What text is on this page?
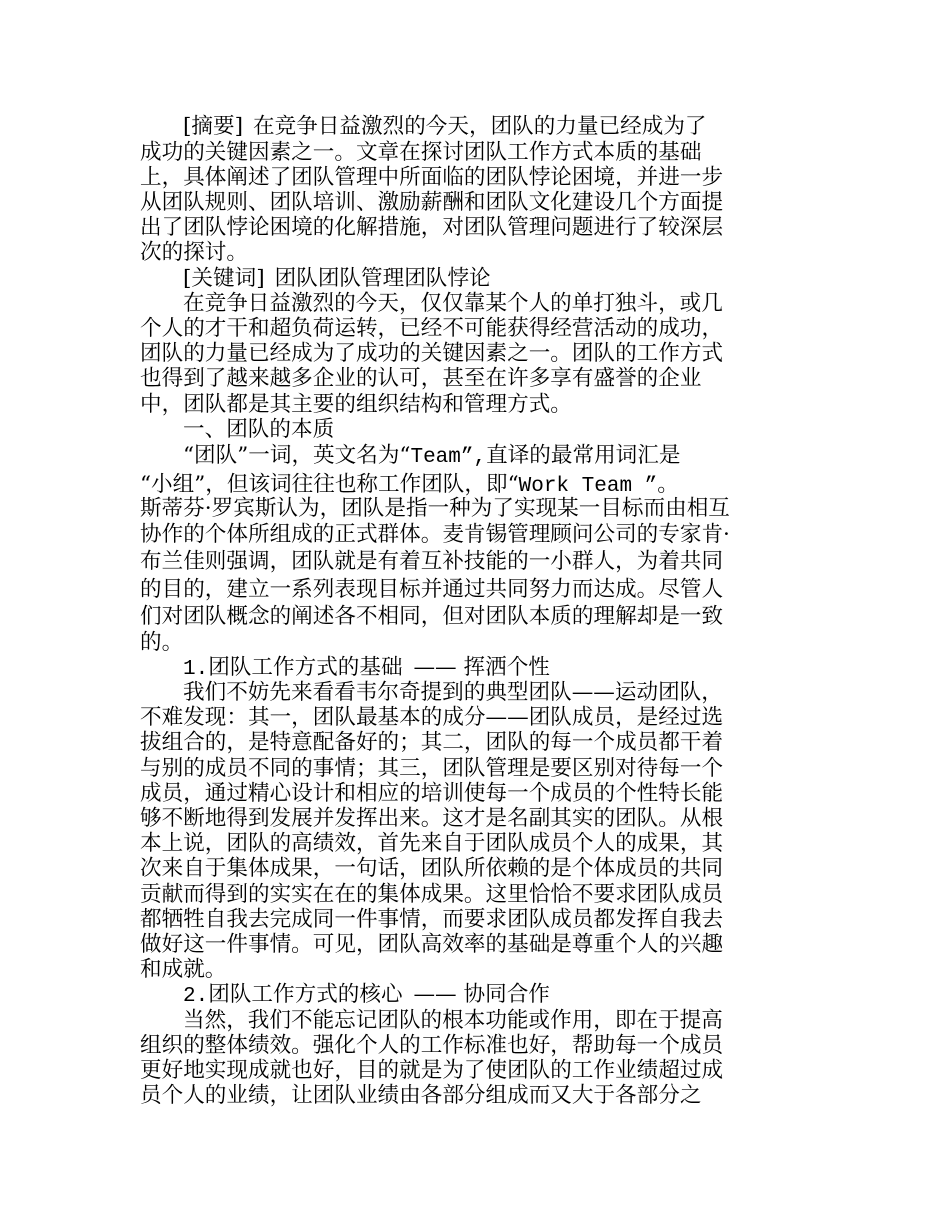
[摘要] 在竞争日益激烈的今天，团队的力量已经成为了
成功的关键因素之一。文章在探讨团队工作方式本质的基础
上，具体阐述了团队管理中所面临的团队悖论困境，并进一步
从团队规则、团队培训、激励薪酬和团队文化建设几个方面提
出了团队悖论困境的化解措施，对团队管理问题进行了较深层
次的探讨。
[关键词] 团队团队管理团队悖论
在竞争日益激烈的今天，仅仅靠某个人的单打独斗，或几
个人的才干和超负荷运转，已经不可能获得经营活动的成功，
团队的力量已经成为了成功的关键因素之一。团队的工作方式
也得到了越来越多企业的认可，甚至在许多享有盛誉的企业
中，团队都是其主要的组织结构和管理方式。
一、团队的本质
“团队”一词，英文名为“Team”,直译的最常用词汇是
“小组”，但该词往往也称工作团队，即“Work Team ”。
斯蒂芬·罗宾斯认为，团队是指一种为了实现某一目标而由相互
协作的个体所组成的正式群体。麦肯锡管理顾问公司的专家肯·
布兰佳则强调，团队就是有着互补技能的一小群人，为着共同
的目的，建立一系列表现目标并通过共同努力而达成。尽管人
们对团队概念的阐述各不相同，但对团队本质的理解却是一致
的。
1.团队工作方式的基础 —— 挥洒个性
我们不妨先来看看韦尔奇提到的典型团队——运动团队，
不难发现：其一，团队最基本的成分——团队成员，是经过选
拔组合的，是特意配备好的；其二，团队的每一个成员都干着
与别的成员不同的事情；其三，团队管理是要区别对待每一个
成员，通过精心设计和相应的培训使每一个成员的个性特长能
够不断地得到发展并发挥出来。这才是名副其实的团队。从根
本上说，团队的高绩效，首先来自于团队成员个人的成果，其
次来自于集体成果，一句话，团队所依赖的是个体成员的共同
贡献而得到的实实在在的集体成果。这里恰恰不要求团队成员
都牺牲自我去完成同一件事情，而要求团队成员都发挥自我去
做好这一件事情。可见，团队高效率的基础是尊重个人的兴趣
和成就。
2.团队工作方式的核心 —— 协同合作
当然，我们不能忘记团队的根本功能或作用，即在于提高
组织的整体绩效。强化个人的工作标准也好，帮助每一个成员
更好地实现成就也好，目的就是为了使团队的工作业绩超过成
员个人的业绩，让团队业绩由各部分组成而又大于各部分之
